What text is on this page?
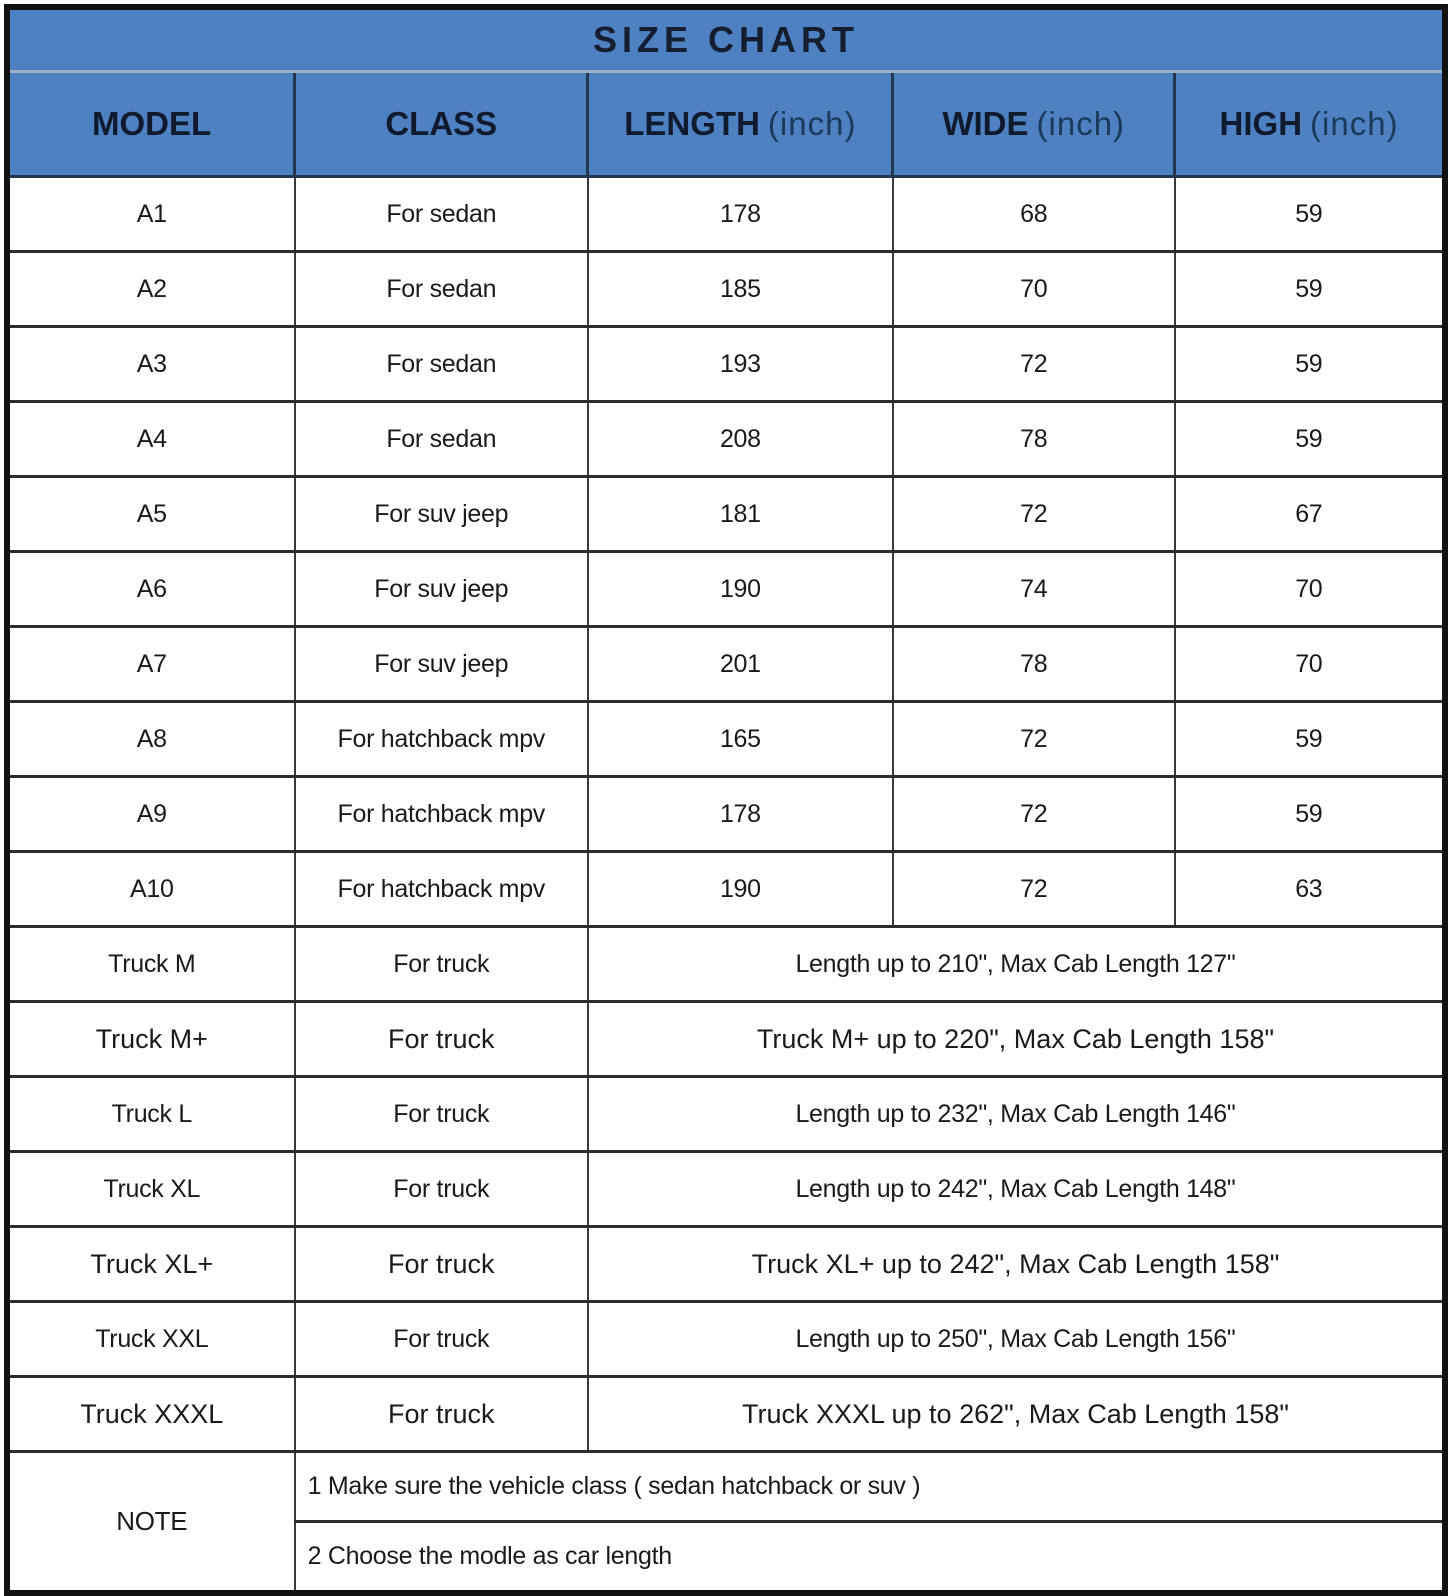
SIZE CHART				
MODEL	CLASS	LENGTH (inch)	WIDE (inch)	HIGH (inch)
A1	For sedan	178	68	59
A2	For sedan	185	70	59
A3	For sedan	193	72	59
A4	For sedan	208	78	59
A5	For suv jeep	181	72	67
A6	For suv jeep	190	74	70
A7	For suv jeep	201	78	70
A8	For hatchback mpv	165	72	59
A9	For hatchback mpv	178	72	59
A10	For hatchback mpv	190	72	63
Truck M	For truck	Length up to 210", Max Cab Length 127"		
Truck M+	For truck	Truck M+ up to 220", Max Cab Length 158"		
Truck L	For truck	Length up to 232", Max Cab Length 146"		
Truck XL	For truck	Length up to 242", Max Cab Length 148"		
Truck XL+	For truck	Truck XL+ up to 242", Max Cab Length 158"		
Truck XXL	For truck	Length up to 250", Max Cab Length 156"		
Truck XXXL	For truck	Truck XXXL up to 262", Max Cab Length 158"		
NOTE	1 Make sure the vehicle class ( sedan hatchback or suv )			
	2 Choose the modle as car length			
